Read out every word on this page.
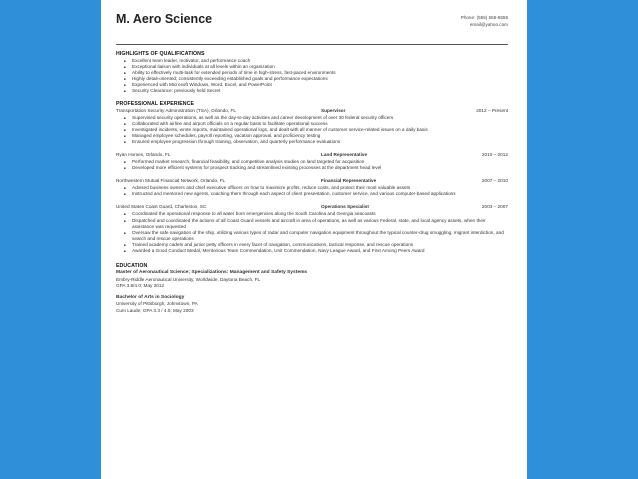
M. Aero Science	Phone: (555) 555-5555
email@yahoo.com
HIGHLIGHTS OF QUALIFICATIONS
■ Excellent team leader, motivator, and performance coach
■ Exceptional liaison with individuals at all levels within an organization
■ Ability to effectively multi-task for extended periods of time in high-stress, fast-paced environments
■ Highly detail-oriented; consistently exceeding established goals and performance expectations
■ Experienced with Microsoft Windows, Word, Excel, and PowerPoint
■ Security Clearance: previously held Secret
PROFESSIONAL EXPERIENCE
Transportation Security Administration (TSA), Orlando, FL	Supervisor	2012 – Present
■ Supervised security operations, as well as the day-to-day activities and career development of over 30 federal security officers
■ Collaborated with airline and airport officials on a regular basis to facilitate operational success
■ Investigated incidents, wrote reports, maintained operational logs, and dealt with all manner of customer service-related issues on a daily basis
■ Managed employee schedules, payroll reporting, vacation approval, and proficiency testing
■ Ensured employee progression through training, observation, and quarterly performance evaluations
Ryan Homes, Orlando, FL	Land Representative	2010 – 2012
■ Performed market research, financial feasibility, and competitive analysis studies on land targeted for acquisition
■ Developed more efficient systems for prospect tracking and streamlined existing processes at the department head level
Northwestern Mutual Financial Network, Orlando, FL	Financial Representative	2007 – 2010
■ Advised business owners and chief executive officers on how to maximize profits, reduce costs, and protect their most valuable assets
■ Instructed and mentored new agents, coaching them through each aspect of client presentation, customer service, and various computer-based applications
United States Coast Guard, Charleston, SC	Operations Specialist	2003 – 2007
■ Coordinated the operational response to all water born emergencies along the South Carolina and Georgia seacoasts
■ Dispatched and coordinated the actions of all Coast Guard vessels and aircraft in area of operations, as well as various Federal, state, and local agency assets, when their assistance was requested
■ Oversaw the safe navigation of the ship, utilizing various types of radar and computer navigation equipment throughout the typical counter-drug smuggling, migrant interdiction, and search and rescue operations
■ Trained academy cadets and junior petty officers in every facet of navigation, communications, tactical response, and rescue operations
■ Awarded a Good Conduct Medal, Meritorious Team Commendation, Unit Commendation, Navy League Award, and First Among Peers Award
EDUCATION
Master of Aeronautical Science; Specializations: Management and Safety Systems
Embry-Riddle Aeronautical University, Worldwide, Daytona Beach, FL
GPA 3.8/4.0; May 2012
Bachelor of Arts in Sociology
University of Pittsburgh, Johnstown, PA
Cum Laude; GPA 3.3 / 4.0; May 2003
